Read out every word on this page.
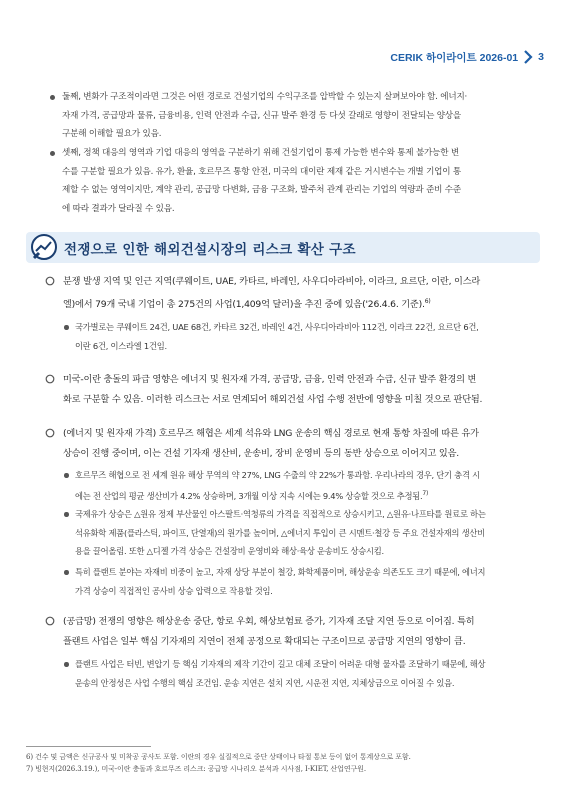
CERIK 하이라이트 2026-01 3
둘째, 변화가 구조적이라면 그것은 어떤 경로로 건설기업의 수익구조를 압박할 수 있는지 살펴보아야 함. 에너지·
자재 가격, 공급망과 물류, 금융비용, 인력 안전과 수급, 신규 발주 환경 등 다섯 갈래로 영향이 전달되는 양상을
구분해 이해할 필요가 있음.
셋째, 정책 대응의 영역과 기업 대응의 영역을 구분하기 위해 건설기업이 통제 가능한 변수와 통제 불가능한 변
수를 구분할 필요가 있음. 유가, 환율, 호르무즈 통항 안전, 미국의 대이란 제재 같은 거시변수는 개별 기업이 통
제할 수 없는 영역이지만, 계약 관리, 공급망 다변화, 금융 구조화, 발주처 관계 관리는 기업의 역량과 준비 수준
에 따라 결과가 달라질 수 있음.
전쟁으로 인한 해외건설시장의 리스크 확산 구조
분쟁 발생 지역 및 인근 지역(쿠웨이트, UAE, 카타르, 바레인, 사우디아라비아, 이라크, 요르단, 이란, 이스라
엘)에서 79개 국내 기업이 총 275건의 사업(1,409억 달러)을 추진 중에 있음('26.4.6. 기준).$^{6)}$
국가별로는 쿠웨이트 24건, UAE 68건, 카타르 32건, 바레인 4건, 사우디아라비아 112건, 이라크 22건, 요르단 6건,
이란 6건, 이스라엘 1건임.
미국-이란 충돌의 파급 영향은 에너지 및 원자재 가격, 공급망, 금융, 인력 안전과 수급, 신규 발주 환경의 변
화로 구분할 수 있음. 이러한 리스크는 서로 연계되어 해외건설 사업 수행 전반에 영향을 미칠 것으로 판단됨.
(에너지 및 원자재 가격) 호르무즈 해협은 세계 석유와 LNG 운송의 핵심 경로로 현재 통항 차질에 따른 유가
상승이 진행 중이며, 이는 건설 기자재 생산비, 운송비, 장비 운영비 등의 동반 상승으로 이어지고 있음.
호르무즈 해협으로 전 세계 원유 해상 무역의 약 27%, LNG 수출의 약 22%가 통과함. 우리나라의 경우, 단기 충격 시
에는 전 산업의 평균 생산비가 4.2% 상승하며, 3개월 이상 지속 시에는 9.4% 상승할 것으로 추정됨.$^{7)}$
국제유가 상승은 △원유 정제 부산물인 아스팔트·역청류의 가격을 직접적으로 상승시키고, △원유·나프타를 원료로 하는
석유화학 제품(플라스틱, 파이프, 단열재)의 원가를 높이며, △에너지 투입이 큰 시멘트·철강 등 주요 건설자재의 생산비
용을 끌어올림. 또한 △디젤 가격 상승은 건설장비 운영비와 해상·육상 운송비도 상승시킴.
특히 플랜트 분야는 자재비 비중이 높고, 자재 상당 부분이 철강, 화학제품이며, 해상운송 의존도도 크기 때문에, 에너지
가격 상승이 직접적인 공사비 상승 압력으로 작용할 것임.
(공급망) 전쟁의 영향은 해상운송 중단, 항로 우회, 해상보험료 증가, 기자재 조달 지연 등으로 이어짐. 특히
플랜트 사업은 일부 핵심 기자재의 지연이 전체 공정으로 확대되는 구조이므로 공급망 지연의 영향이 큼.
플랜트 사업은 터빈, 변압기 등 핵심 기자재의 제작 기간이 길고 대체 조달이 어려운 대형 물자를 조달하기 때문에, 해상
운송의 안정성은 사업 수행의 핵심 조건임. 운송 지연은 설치 지연, 시운전 지연, 지체상금으로 이어질 수 있음.
6) 건수 및 금액은 신규공사 및 미착공 공사도 포함. 이란의 경우 실질적으로 중단 상태이나 타절 통보 등이 없어 통계상으로 포함.
7) 빙현지(2026.3.19.), 미국-이란 충돌과 호르무즈 리스크: 공급망 시나리오 분석과 시사점, I-KIET, 산업연구원.
